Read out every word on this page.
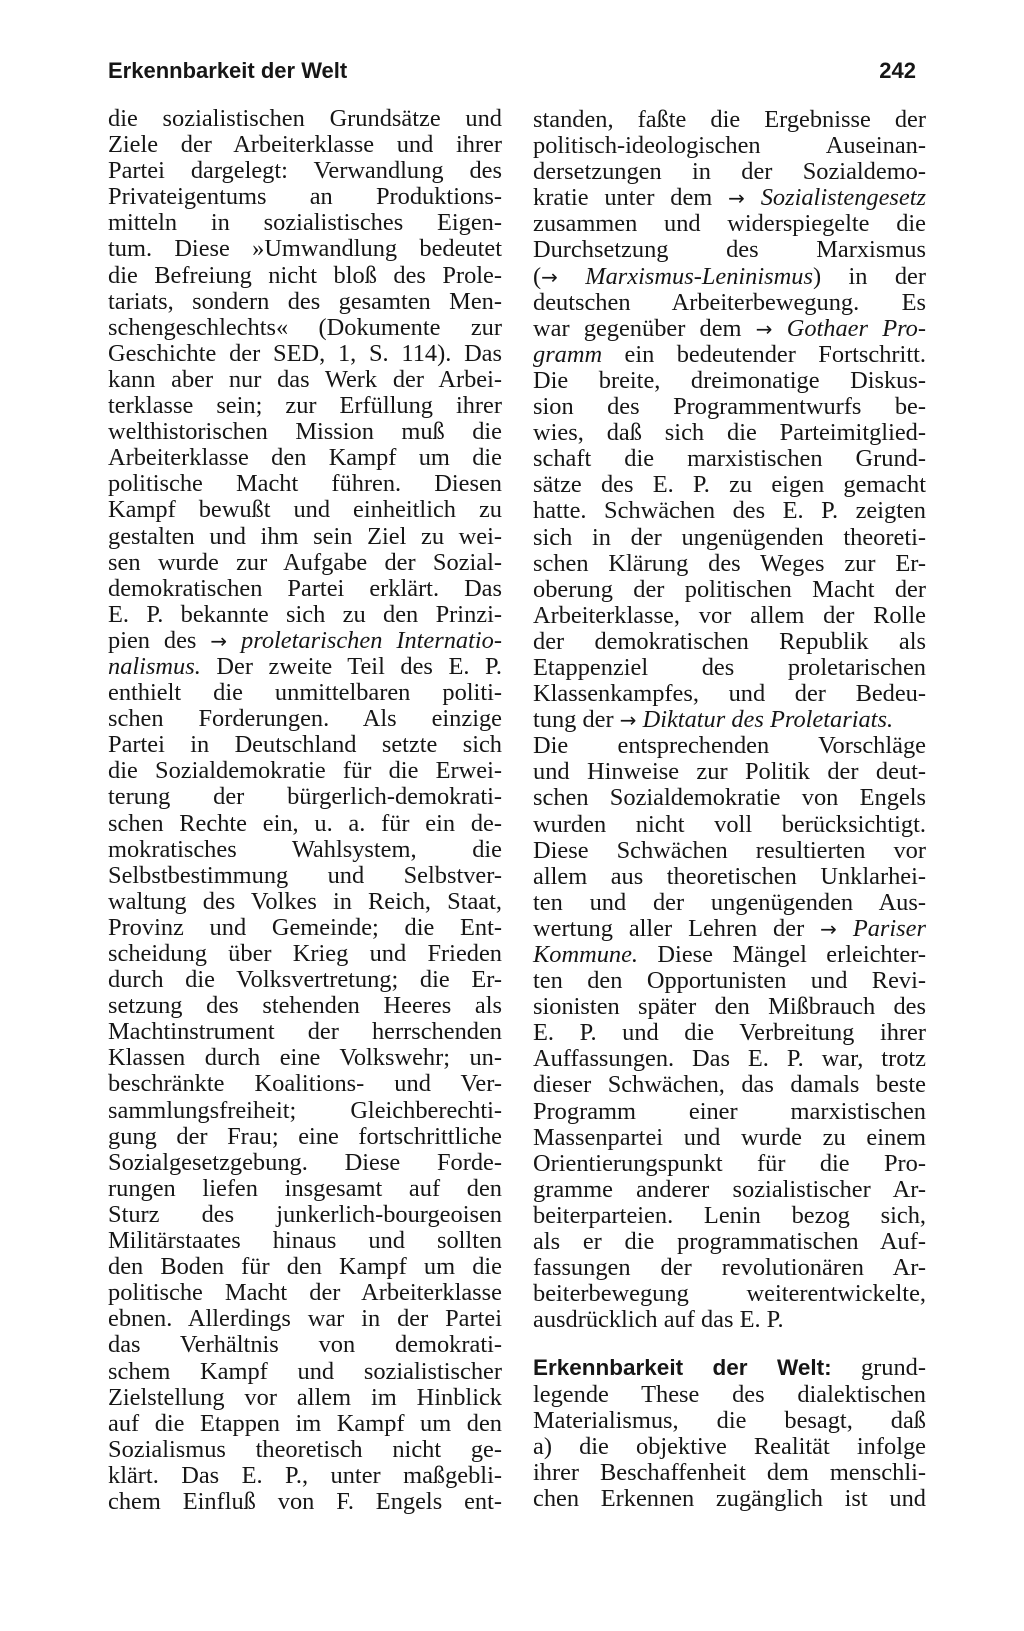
Erkennbarkeit der Welt	242
die sozialistischen Grundsätze und
Ziele der Arbeiterklasse und ihrer
Partei dargelegt: Verwandlung des
Privateigentums an Produktions-
mitteln in sozialistisches Eigen-
tum. Diese »Umwandlung bedeutet
die Befreiung nicht bloß des Prole-
tariats, sondern des gesamten Men-
schengeschlechts« (Dokumente zur
Geschichte der SED, 1, S. 114). Das
kann aber nur das Werk der Arbei-
terklasse sein; zur Erfüllung ihrer
welthistorischen Mission muß die
Arbeiterklasse den Kampf um die
politische Macht führen. Diesen
Kampf bewußt und einheitlich zu
gestalten und ihm sein Ziel zu wei-
sen wurde zur Aufgabe der Sozial-
demokratischen Partei erklärt. Das
E. P. bekannte sich zu den Prinzi-
pien des → proletarischen Internatio-
nalismus. Der zweite Teil des E. P.
enthielt die unmittelbaren politi-
schen Forderungen. Als einzige
Partei in Deutschland setzte sich
die Sozialdemokratie für die Erwei-
terung der bürgerlich-demokrati-
schen Rechte ein, u. a. für ein de-
mokratisches Wahlsystem, die
Selbstbestimmung und Selbstver-
waltung des Volkes in Reich, Staat,
Provinz und Gemeinde; die Ent-
scheidung über Krieg und Frieden
durch die Volksvertretung; die Er-
setzung des stehenden Heeres als
Machtinstrument der herrschenden
Klassen durch eine Volkswehr; un-
beschränkte Koalitions- und Ver-
sammlungsfreiheit; Gleichberechti-
gung der Frau; eine fortschrittliche
Sozialgesetzgebung. Diese Forde-
rungen liefen insgesamt auf den
Sturz des junkerlich-bourgeoisen
Militärstaates hinaus und sollten
den Boden für den Kampf um die
politische Macht der Arbeiterklasse
ebnen. Allerdings war in der Partei
das Verhältnis von demokrati-
schem Kampf und sozialistischer
Zielstellung vor allem im Hinblick
auf die Etappen im Kampf um den
Sozialismus theoretisch nicht ge-
klärt. Das E. P., unter maßgebli-
chem Einfluß von F. Engels ent-
standen, faßte die Ergebnisse der
politisch-ideologischen Auseinan-
dersetzungen in der Sozialdemo-
kratie unter dem → Sozialistengesetz
zusammen und widerspiegelte die
Durchsetzung des Marxismus
(→ Marxismus-Leninismus) in der
deutschen Arbeiterbewegung. Es
war gegenüber dem → Gothaer Pro-
gramm ein bedeutender Fortschritt.
Die breite, dreimonatige Diskus-
sion des Programmentwurfs be-
wies, daß sich die Parteimitglied-
schaft die marxistischen Grund-
sätze des E. P. zu eigen gemacht
hatte. Schwächen des E. P. zeigten
sich in der ungenügenden theoreti-
schen Klärung des Weges zur Er-
oberung der politischen Macht der
Arbeiterklasse, vor allem der Rolle
der demokratischen Republik als
Etappenziel des proletarischen
Klassenkampfes, und der Bedeu-
tung der → Diktatur des Proletariats.
Die entsprechenden Vorschläge
und Hinweise zur Politik der deut-
schen Sozialdemokratie von Engels
wurden nicht voll berücksichtigt.
Diese Schwächen resultierten vor
allem aus theoretischen Unklarhei-
ten und der ungenügenden Aus-
wertung aller Lehren der → Pariser
Kommune. Diese Mängel erleichter-
ten den Opportunisten und Revi-
sionisten später den Mißbrauch des
E. P. und die Verbreitung ihrer
Auffassungen. Das E. P. war, trotz
dieser Schwächen, das damals beste
Programm einer marxistischen
Massenpartei und wurde zu einem
Orientierungspunkt für die Pro-
gramme anderer sozialistischer Ar-
beiterparteien. Lenin bezog sich,
als er die programmatischen Auf-
fassungen der revolutionären Ar-
beiterbewegung weiterentwickelte,
ausdrücklich auf das E. P.
Erkennbarkeit der Welt: grund-
legende These des dialektischen
Materialismus, die besagt, daß
a) die objektive Realität infolge
ihrer Beschaffenheit dem menschli-
chen Erkennen zugänglich ist und
